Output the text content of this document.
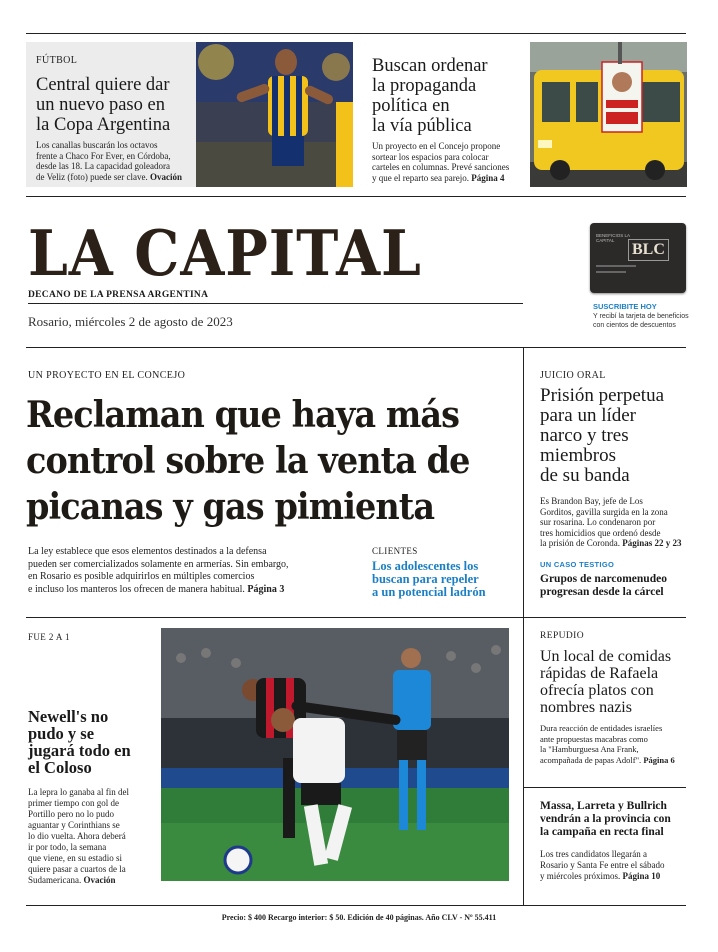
FÚTBOL
Central quiere dar
un nuevo paso en
la Copa Argentina
Los canallas buscarán los octavos
frente a Chaco For Ever, en Córdoba,
desde las 18. La capacidad goleadora
de Veliz (foto) puede ser clave. Ovación
Buscan ordenar
la propaganda
política en
la vía pública
Un proyecto en el Concejo propone
sortear los espacios para colocar
carteles en columnas. Prevé sanciones
y que el reparto sea parejo. Página 4
LA CAPITAL
DECANO DE LA PRENSA ARGENTINA
Rosario, miércoles 2 de agosto de 2023
BENEFICIOS LA CAPITAL
BLC
SUSCRIBITE HOY
Y recibí la tarjeta de beneficios
con cientos de descuentos
UN PROYECTO EN EL CONCEJO
Reclaman que haya más
control sobre la venta de
picanas y gas pimienta
La ley establece que esos elementos destinados a la defensa
pueden ser comercializados solamente en armerías. Sin embargo,
en Rosario es posible adquirirlos en múltiples comercios
e incluso los manteros los ofrecen de manera habitual. Página 3
CLIENTES
Los adolescentes los
buscan para repeler
a un potencial ladrón
JUICIO ORAL
Prisión perpetua
para un líder
narco y tres
miembros
de su banda
Es Brandon Bay, jefe de Los
Gorditos, gavilla surgida en la zona
sur rosarina. Lo condenaron por
tres homicidios que ordenó desde
la prisión de Coronda. Páginas 22 y 23
UN CASO TESTIGO
Grupos de narcomenudeo
progresan desde la cárcel
FUE 2 A 1
Newell's no
pudo y se
jugará todo en
el Coloso
La lepra lo ganaba al fin del
primer tiempo con gol de
Portillo pero no lo pudo
aguantar y Corinthians se
lo dio vuelta. Ahora deberá
ir por todo, la semana
que viene, en su estadio si
quiere pasar a cuartos de la
Sudamericana. Ovación
REPUDIO
Un local de comidas
rápidas de Rafaela
ofrecía platos con
nombres nazis
Dura reacción de entidades israelíes
ante propuestas macabras como
la "Hamburguesa Ana Frank,
acompañada de papas Adolf". Página 6
Massa, Larreta y Bullrich
vendrán a la provincia con
la campaña en recta final
Los tres candidatos llegarán a
Rosario y Santa Fe entre el sábado
y miércoles próximos. Página 10
Precio: $ 400 Recargo interior: $ 50. Edición de 40 páginas. Año CLV - Nº 55.411
